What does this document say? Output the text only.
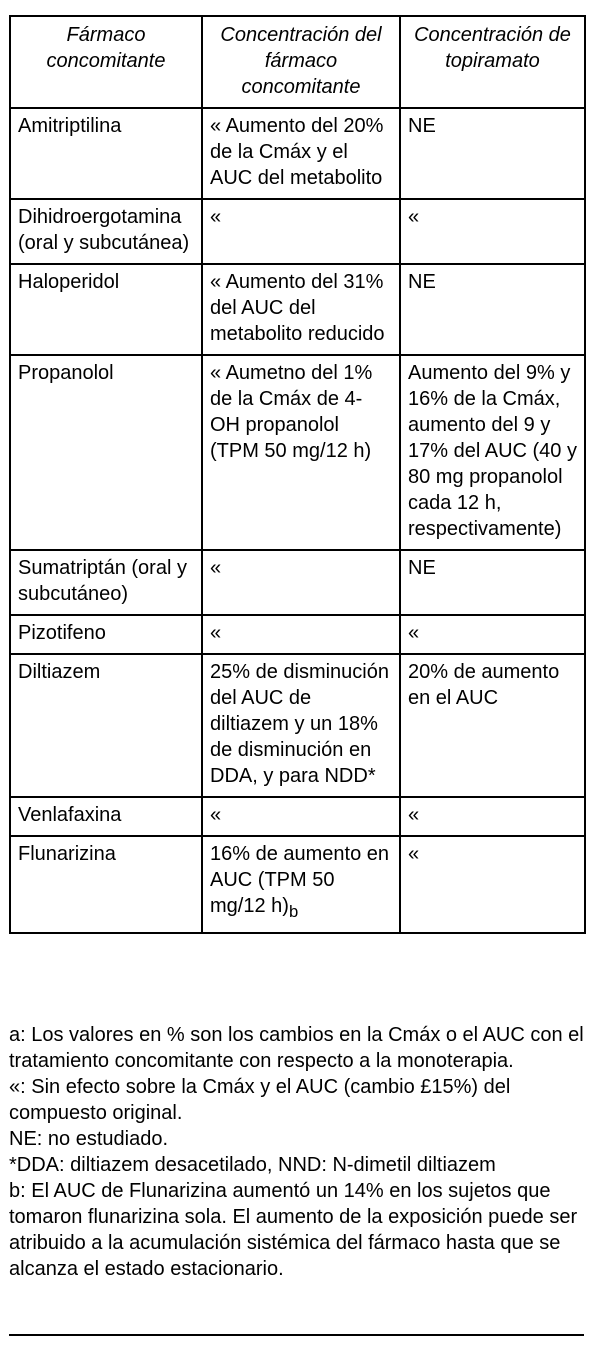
Fármaco concomitante	Concentración del fármaco concomitante	Concentración de topiramato
Amitriptilina	« Aumento del 20% de la Cmáx y el AUC del metabolito	NE
Dihidroergotamina (oral y subcutánea)	«	«
Haloperidol	« Aumento del 31% del AUC del metabolito reducido	NE
Propanolol	« Aumetno del 1% de la Cmáx de 4-OH propanolol (TPM 50 mg/12 h)	Aumento del 9% y 16% de la Cmáx, aumento del 9 y 17% del AUC (40 y 80 mg propanolol cada 12 h, respectivamente)
Sumatriptán (oral y subcutáneo)	«	NE
Pizotifeno	«	«
Diltiazem	25% de disminución del AUC de diltiazem y un 18% de disminución en DDA, y para NDD*	20% de aumento en el AUC
Venlafaxina	«	«
Flunarizina	16% de aumento en AUC (TPM 50 mg/12 $h)_b$	«

a: Los valores en % son los cambios en la Cmáx o el AUC con el tratamiento concomitante con respecto a la monoterapia.

«: Sin efecto sobre la Cmáx y el AUC (cambio £15%) del compuesto original.

NE: no estudiado.

*DDA: diltiazem desacetilado, NND: N-dimetil diltiazem

b: El AUC de Flunarizina aumentó un 14% en los sujetos que tomaron flunarizina sola. El aumento de la exposición puede ser atribuido a la acumulación sistémica del fármaco hasta que se alcanza el estado estacionario.
